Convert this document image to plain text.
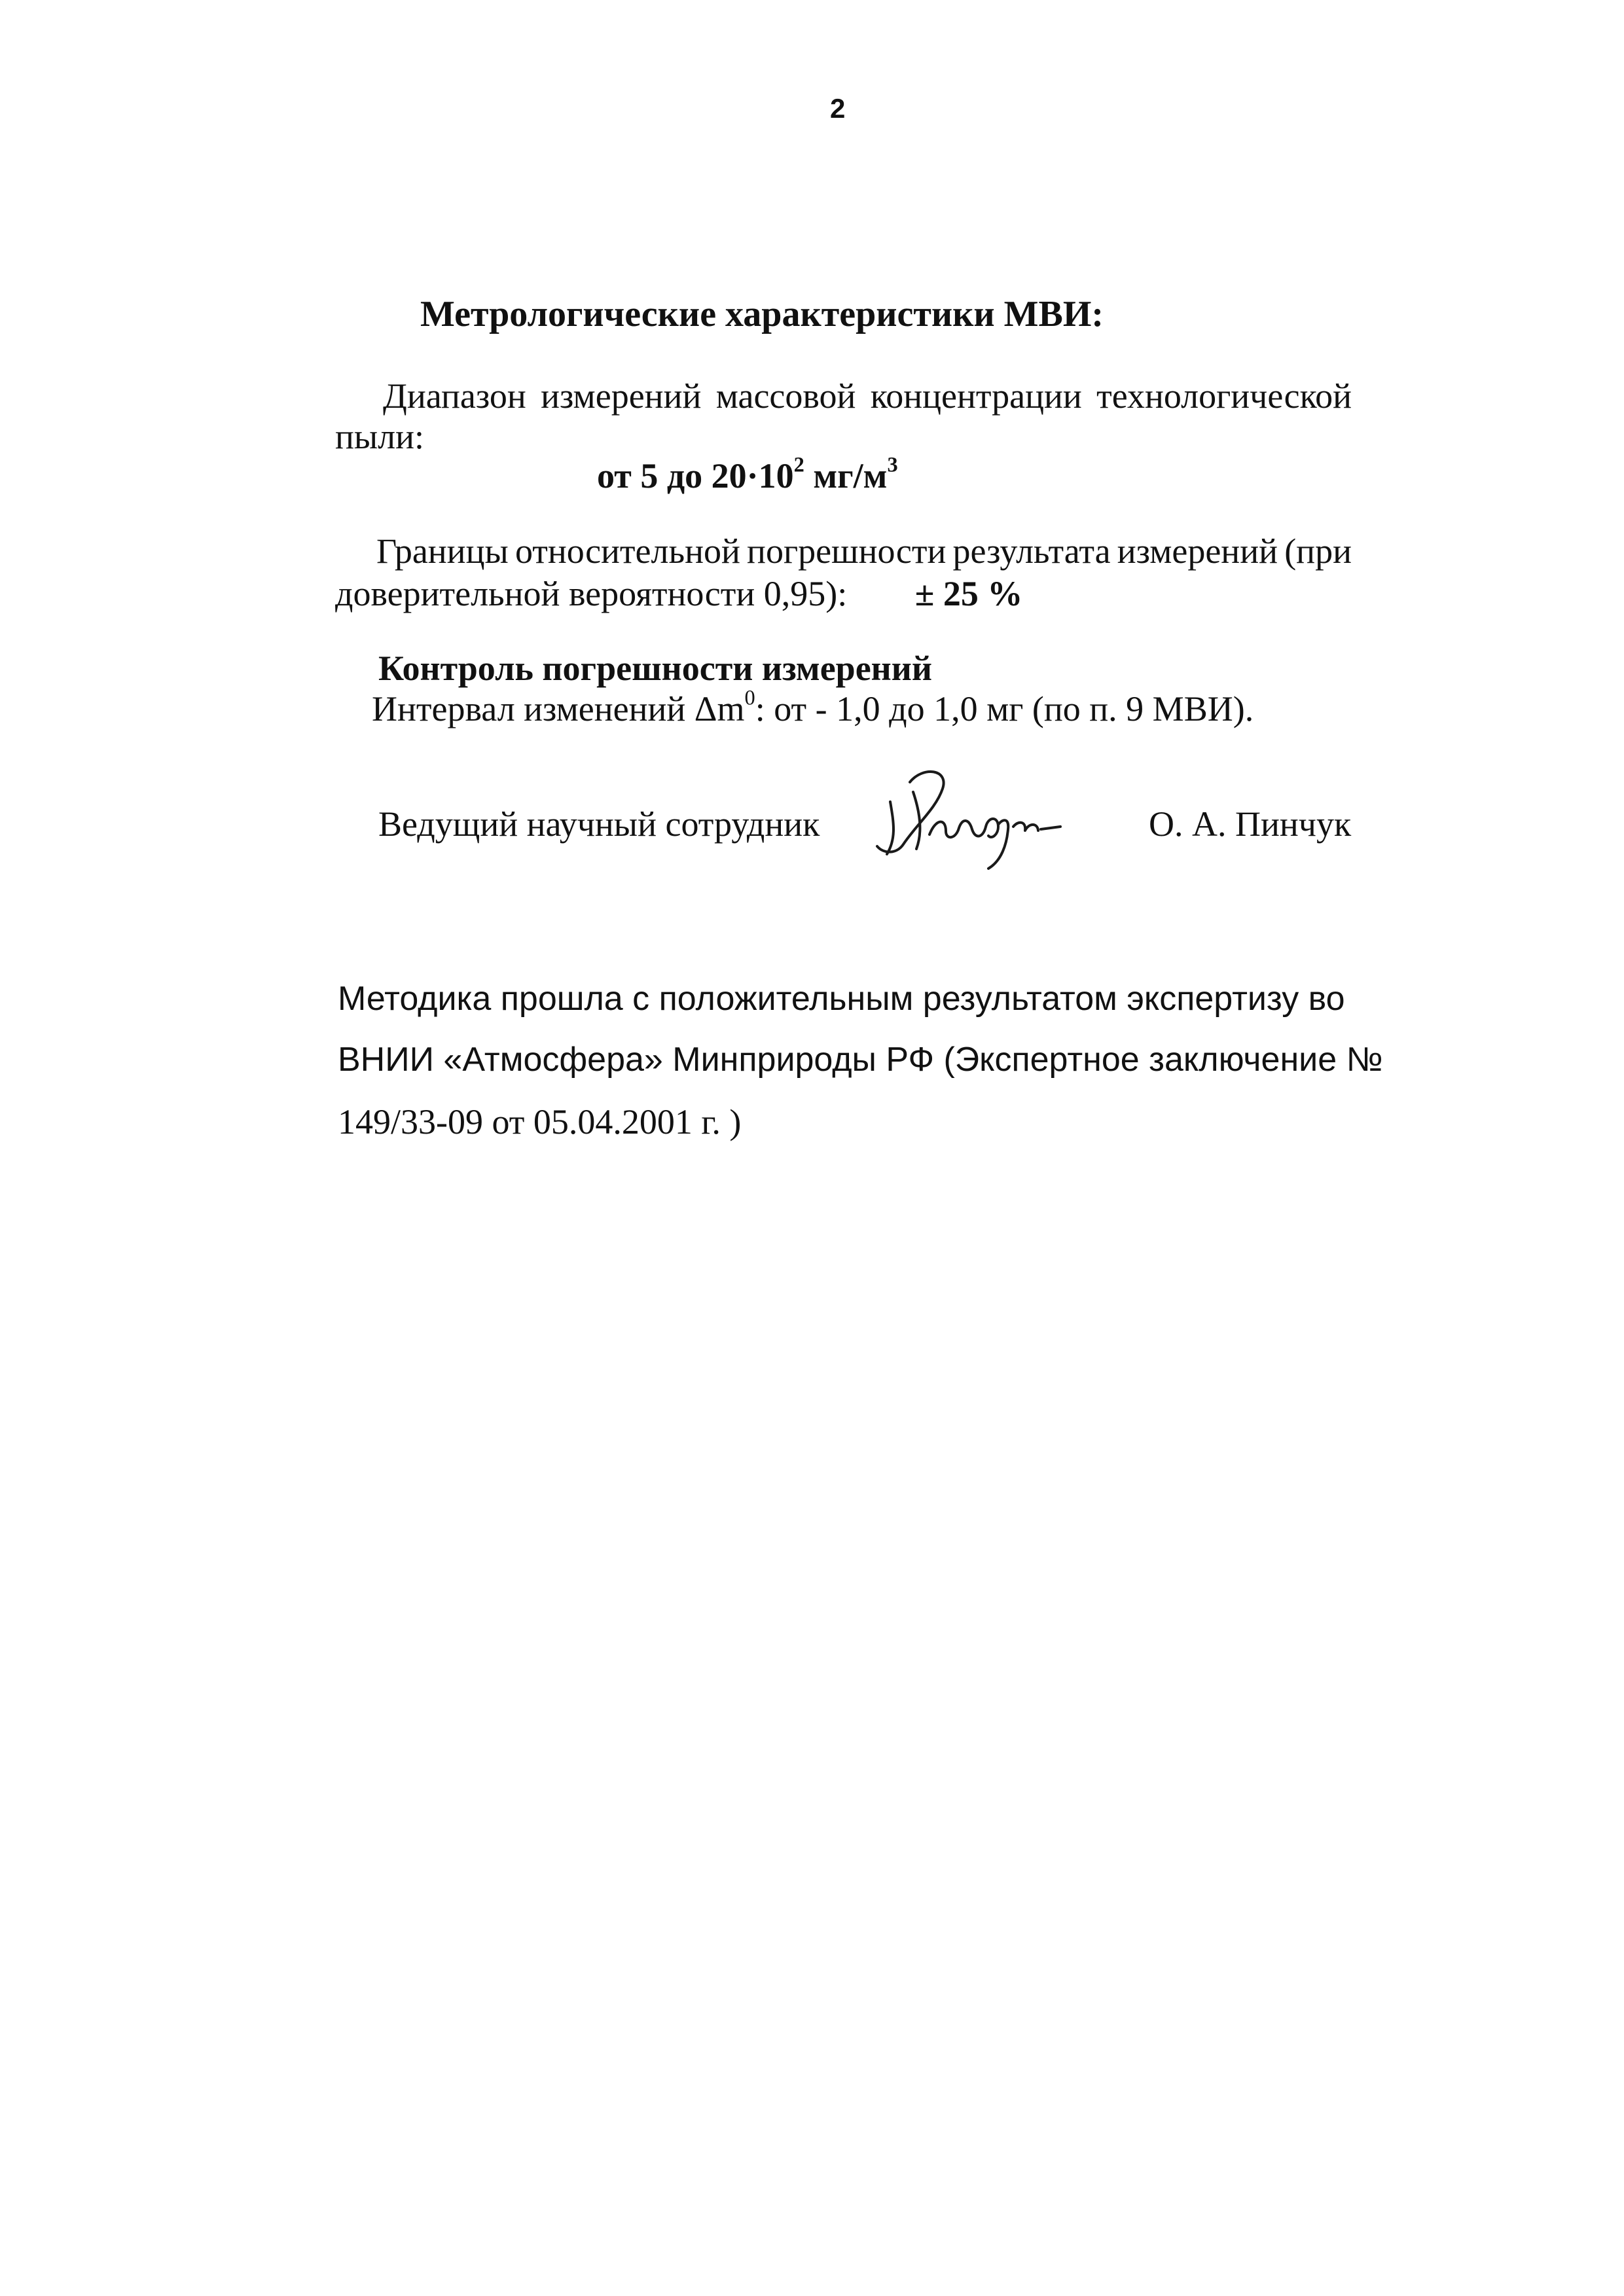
2
Метрологические характеристики МВИ:
Диапазон измерений массовой концентрации технологической
пыли:
от 5 до $20\cdot 10^2$ $мг/м^3$
Границы относительной погрешности результата измерений (при
доверительной вероятности 0,95): ± 25 %
Контроль погрешности измерений
Интервал изменений $\Delta m^0$: от - 1,0 до 1,0 мг (по п. 9 МВИ).
Ведущий научный сотрудник	О. А. Пинчук
Методика прошла с положительным результатом экспертизу во
ВНИИ «Атмосфера» Минприроды РФ (Экспертное заключение №
149/33-09 от 05.04.2001 г. )
